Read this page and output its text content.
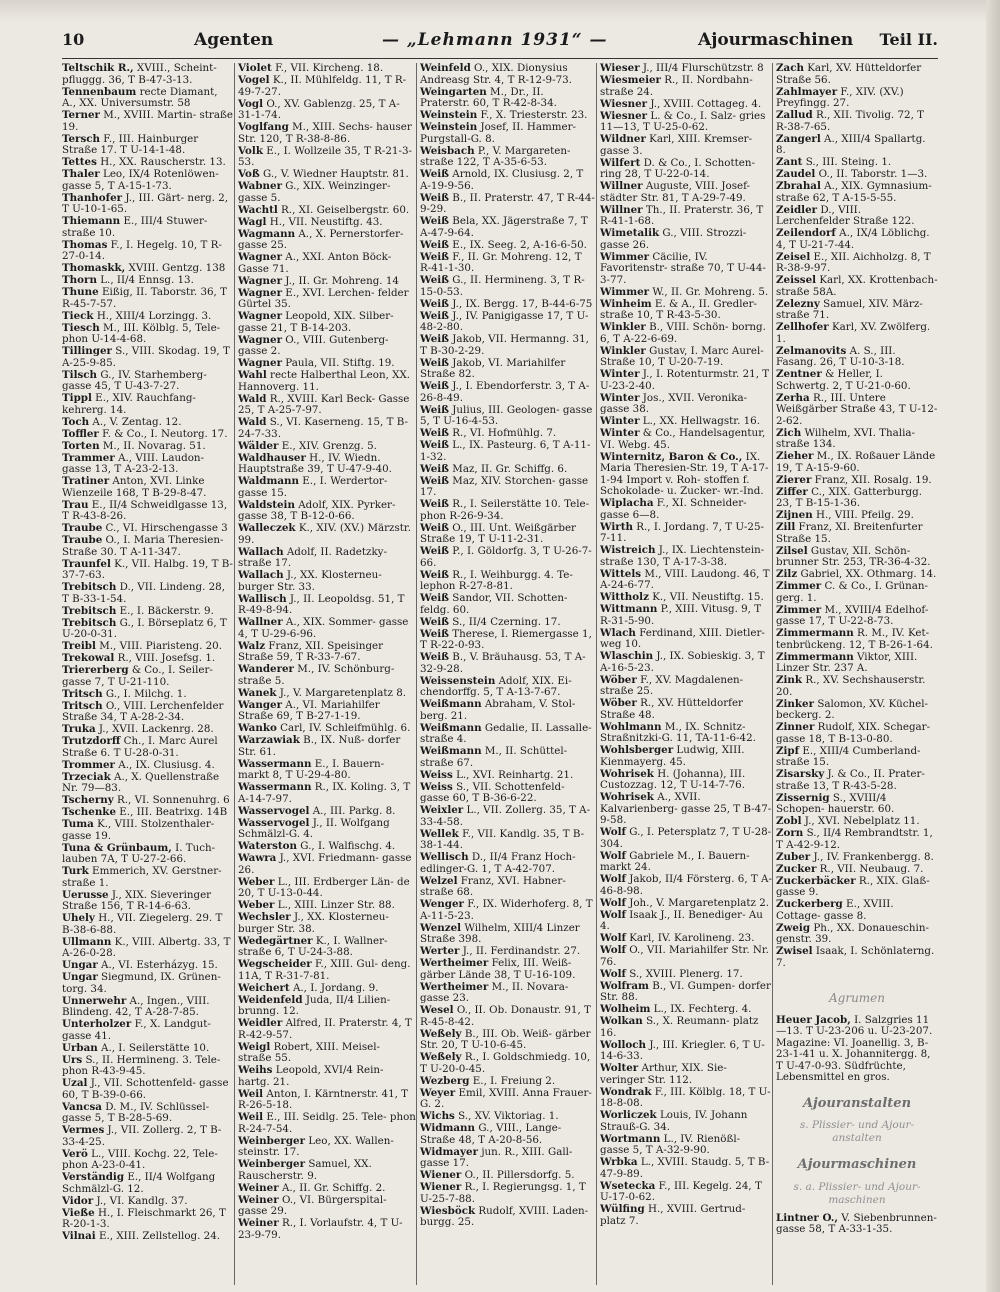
10	Agenten	— „Lehmann 1931“ —	Ajourmaschinen Teil II.
Teltschik R., XVIII., Scheint- pfluggg. 36, T B-47-3-13.
Tennenbaum recte Diamant, A., XX. Universumstr. 58
Terner M., XVIII. Martin- straße 19.
Tersch F., III. Hainburger Straße 17. T U-14-1-48.
Tettes H., XX. Rauscherstr. 13.
Thaler Leo, IX/4 Rotenlöwen- gasse 5, T A-15-1-73.
Thanhofer J., III. Gärt- nerg. 2, T U-10-1-65.
Thiemann E., III/4 Stuwer- straße 10.
Thomas F., I. Hegelg. 10, T R-27-0-14.
Thomaskk, XVIII. Gentzg. 138
Thorn L., II/4 Ennsg. 13.
Thune Eißig, II. Taborstr. 36, T R-45-7-57.
Tieck H., XIII/4 Lorzingg. 3.
Tiesch M., III. Kölblg. 5, Tele- phon U-14-4-68.
Tillinger S., VIII. Skodag. 19, T A-25-9-85.
Tilsch G., IV. Starhemberg- gasse 45, T U-43-7-27.
Tippl E., XIV. Rauchfang- kehrerg. 14.
Toch A., V. Zentag. 12.
Toffler F. & Co., I. Neutorg. 17.
Torten M., II. Novarag. 51.
Trammer A., VIII. Laudon- gasse 13, T A-23-2-13.
Tratiner Anton, XVI. Linke Wienzeile 168, T B-29-8-47.
Trau E., II/4 Schweidlgasse 13, T R-43-8-26.
Traube C., VI. Hirschengasse 3
Traube O., I. Maria Theresien- Straße 30. T A-11-347.
Traunfel K., VII. Halbg. 19, T B-37-7-63.
Trebitsch D., VII. Lindeng. 28, T B-33-1-54.
Trebitsch E., I. Bäckerstr. 9.
Trebitsch G., I. Börseplatz 6, T U-20-0-31.
Treibl M., VIII. Piaristeng. 20.
Trekowal R., VIII. Josefsg. 1.
Triererberg & Co., I. Seiler- gasse 7, T U-21-110.
Tritsch G., I. Milchg. 1.
Tritsch O., VIII. Lerchenfelder Straße 34, T A-28-2-34.
Truka J., XVII. Lackenrg. 28.
Trutzdorff Ch., I. Marc Aurel Straße 6. T U-28-0-31.
Trommer A., IX. Clusiusg. 4.
Trzeciak A., X. Quellenstraße Nr. 79—83.
Tscherny R., VI. Sonnenuhrg. 6
Tschenke E., III. Beatrixg. 14B
Tuma K., VIII. Stolzenthaler- gasse 19.
Tuna & Grünbaum, I. Tuch- lauben 7A, T U-27-2-66.
Turk Emmerich, XV. Gerstner- straße 1.
Uerusse J., XIX. Sieveringer Straße 156, T R-14-6-63.
Uhely H., VII. Ziegelerg. 29. T B-38-6-88.
Ullmann K., VIII. Albertg. 33, T A-26-0-28.
Ungar A., VI. Esterházyg. 15.
Ungar Siegmund, IX. Grünen- torg. 34.
Unnerwehr A., Ingen., VIII. Blindeng. 42, T A-28-7-85.
Unterholzer F., X. Landgut- gasse 41.
Urban A., I. Seilerstätte 10.
Urs S., II. Hermineng. 3. Tele- phon R-43-9-45.
Uzal J., VII. Schottenfeld- gasse 60, T B-39-0-66.
Vancsa D. M., IV. Schlüssel- gasse 5, T B-28-5-69.
Vermes J., VII. Zollerg. 2, T B-33-4-25.
Verö L., VIII. Kochg. 22, Tele- phon A-23-0-41.
Verständig E., II/4 Wolfgang Schmälzl-G. 12.
Vidor J., VI. Kandlg. 37.
Vieße H., I. Fleischmarkt 26, T R-20-1-3.
Vilnai E., XIII. Zellstellog. 24.
Violet F., VII. Kircheng. 18.
Vogel K., II. Mühlfeldg. 11, T R-49-7-27.
Vogl O., XV. Gablenzg. 25, T A-31-1-74.
Voglfang M., XIII. Sechs- hauser Str. 120, T R-38-8-86.
Volk E., I. Wollzeile 35, T R-21-3-53.
Voß G., V. Wiedner Hauptstr. 81.
Wabner G., XIX. Weinzinger- gasse 5.
Wachtl R., XI. Geiselbergstr. 60.
Wagl H., VII. Neustiftg. 43.
Wagmann A., X. Pernerstorfer- gasse 25.
Wagner A., XXI. Anton Böck- Gasse 71.
Wagner J., II. Gr. Mohreng. 14
Wagner E., XVI. Lerchen- felder Gürtel 35.
Wagner Leopold, XIX. Silber- gasse 21, T B-14-203.
Wagner O., VIII. Gutenberg- gasse 2.
Wagner Paula, VII. Stiftg. 19.
Wahl recte Halberthal Leon, XX. Hannoverg. 11.
Wald R., XVIII. Karl Beck- Gasse 25, T A-25-7-97.
Wald S., VI. Kaserneng. 15, T B-24-7-33.
Wälder E., XIV. Grenzg. 5.
Waldhauser H., IV. Wiedn. Hauptstraße 39, T U-47-9-40.
Waldmann E., I. Werdertor- gasse 15.
Waldstein Adolf, XIX. Pyrker- gasse 38, T B-12-0-66.
Walleczek K., XIV. (XV.) Märzstr. 99.
Wallach Adolf, II. Radetzky- straße 17.
Wallach J., XX. Klosterneu- burger Str. 33.
Wallisch J., II. Leopoldsg. 51, T R-49-8-94.
Wallner A., XIX. Sommer- gasse 4, T U-29-6-96.
Walz Franz, XII. Speisinger Straße 59, T R-33-7-67.
Wanderer M., IV. Schönburg- straße 5.
Wanek J., V. Margaretenplatz 8.
Wanger A., VI. Mariahilfer Straße 69, T B-27-1-19.
Wanko Carl, IV. Schleifmühlg. 6.
Warzawiak B., IX. Nuß- dorfer Str. 61.
Wassermann E., I. Bauern- markt 8, T U-29-4-80.
Wassermann R., IX. Koling. 3, T A-14-7-97.
Wasservogel A., III. Parkg. 8.
Wasservogel J., II. Wolfgang Schmälzl-G. 4.
Waterston G., I. Walfischg. 4.
Wawra J., XVI. Friedmann- gasse 26.
Weber L., III. Erdberger Län- de 20, T U-13-0-44.
Weber L., XIII. Linzer Str. 88.
Wechsler J., XX. Klosterneu- burger Str. 38.
Wedegärtner K., I. Wallner- straße 6, T U-24-3-88.
Wegscheider F., XIII. Gul- deng. 11A, T R-31-7-81.
Weichert A., I. Jordang. 9.
Weidenfeld Juda, II/4 Lilien- brunng. 12.
Weidler Alfred, II. Praterstr. 4, T R-42-9-57.
Weigl Robert, XIII. Meisel- straße 55.
Weihs Leopold, XVI/4 Rein- hartg. 21.
Weil Anton, I. Kärntnerstr. 41, T R-26-5-18.
Weil E., III. Seidlg. 25. Tele- phon R-24-7-54.
Weinberger Leo, XX. Wallen- steinstr. 17.
Weinberger Samuel, XX. Rauscherstr. 9.
Weiner A., II. Gr. Schiffg. 2.
Weiner O., VI. Bürgerspital- gasse 29.
Weiner R., I. Vorlaufstr. 4, T U-23-9-79.
Weinfeld O., XIX. Dionysius Andreasg Str. 4, T R-12-9-73.
Weingarten M., Dr., II. Praterstr. 60, T R-42-8-34.
Weinstein F., X. Triesterstr. 23.
Weinstein Josef, II. Hammer- Purgstall-G. 8.
Weisbach P., V. Margareten- straße 122, T A-35-6-53.
Weiß Arnold, IX. Clusiusg. 2, T A-19-9-56.
Weiß B., II. Praterstr. 47, T R-44-9-29.
Weiß Bela, XX. Jägerstraße 7, T A-47-9-64.
Weiß E., IX. Seeg. 2, A-16-6-50.
Weiß F., II. Gr. Mohreng. 12, T R-41-1-30.
Weiß G., II. Hermineng. 3, T R-15-0-53.
Weiß J., IX. Bergg. 17, B-44-6-75
Weiß J., IV. Panigigasse 17, T U-48-2-80.
Weiß Jakob, VII. Hermanng. 31, T B-30-2-29.
Weiß Jakob, VI. Mariahilfer Straße 82.
Weiß J., I. Ebendorferstr. 3, T A-26-8-49.
Weiß Julius, III. Geologen- gasse 5, T U-16-4-53.
Weiß R., VI. Hofmühlg. 7.
Weiß L., IX. Pasteurg. 6, T A-11-1-32.
Weiß Maz, II. Gr. Schiffg. 6.
Weiß Maz, XIV. Storchen- gasse 17.
Weiß R., I. Seilerstätte 10. Tele- phon R-26-9-34.
Weiß O., III. Unt. Weißgärber Straße 19, T U-11-2-31.
Weiß P., I. Göldorfg. 3, T U-26-7-66.
Weiß R., I. Weihburgg. 4. Te- lephon R-27-8-81.
Weiß Sandor, VII. Schotten- feldg. 60.
Weiß S., II/4 Czerning. 17.
Weiß Therese, I. Riemergasse 1, T R-22-0-93.
Weiß B., V. Bräuhausg. 53, T A-32-9-28.
Weissenstein Adolf, XIX. Ei- chendorffg. 5, T A-13-7-67.
Weißmann Abraham, V. Stol- berg. 21.
Weißmann Gedalie, II. Lassalle- straße 4.
Weißmann M., II. Schüttel- straße 67.
Weiss L., XVI. Reinhartg. 21.
Weiss S., VII. Schottenfeld- gasse 60, T B-36-6-22.
Weixler L., VII. Zollerg. 35, T A-33-4-58.
Wellek F., VII. Kandlg. 35, T B-38-1-44.
Wellisch D., II/4 Franz Hoch- edlinger-G. 1, T A-42-707.
Welzel Franz, XVI. Habner- straße 68.
Wenger F., IX. Widerhoferg. 8, T A-11-5-23.
Wenzel Wilhelm, XIII/4 Linzer Straße 398.
Werter J., II. Ferdinandstr. 27.
Wertheimer Felix, III. Weiß- gärber Lände 38, T U-16-109.
Wertheimer M., II. Novara- gasse 23.
Wesel O., II. Ob. Donaustr. 91, T R-45-8-42.
Weßely B., III. Ob. Weiß- gärber Str. 20, T U-10-6-45.
Weßely R., I. Goldschmiedg. 10, T U-20-0-45.
Wezberg E., I. Freiung 2.
Weyer Emil, XVIII. Anna Frauer-G. 2.
Wichs S., XV. Viktoriag. 1.
Widmann G., VIII., Lange- Straße 48, T A-20-8-56.
Widmayer jun. R., XIII. Gall- gasse 17.
Wiener O., II. Pillersdorfg. 5.
Wiener R., I. Regierungsg. 1, T U-25-7-88.
Wiesböck Rudolf, XVIII. Laden- burgg. 25.
Wieser J., III/4 Flurschützstr. 8
Wiesmeier R., II. Nordbahn- straße 24.
Wiesner J., XVIII. Cottageg. 4.
Wiesner L. & Co., I. Salz- gries 11—13, T U-25-0-62.
Wildner Karl, XIII. Kremser- gasse 3.
Wilfert D. & Co., I. Schotten- ring 28, T U-22-0-14.
Willner Auguste, VIII. Josef- städter Str. 81, T A-29-7-49.
Willner Th., II. Praterstr. 36, T R-41-1-68.
Wimetalik G., VIII. Strozzi- gasse 26.
Wimmer Cäcilie, IV. Favoritenstr- straße 70, T U-44-3-77.
Wimmer W., II. Gr. Mohreng. 5.
Winheim E. & A., II. Gredler- straße 10, T R-43-5-30.
Winkler B., VIII. Schön- borng. 6, T A-22-6-69.
Winkler Gustav, I. Marc Aurel- Straße 10, T U-20-7-19.
Winter J., I. Rotenturmstr. 21, T U-23-2-40.
Winter Jos., XVII. Veronika- gasse 38.
Winter L., XX. Hellwagstr. 16.
Winter & Co., Handelsagentur, VI. Webg. 45.
Winternitz, Baron & Co., IX. Maria Theresien-Str. 19, T A-17-1-94 Import v. Roh- stoffen f. Schokolade- u. Zucker- wr.-Ind.
Wiplacha F., XI. Schneider- gasse 6—8.
Wirth R., I. Jordang. 7, T U-25-7-11.
Wistreich J., IX. Liechtenstein- straße 130, T A-17-3-38.
Wittels M., VIII. Laudong. 46, T A-24-6-77.
Wittholz K., VII. Neustiftg. 15.
Wittmann P., XIII. Vitusg. 9, T R-31-5-90.
Wlach Ferdinand, XIII. Dietler- weg 10.
Wlaschin J., IX. Sobieskig. 3, T A-16-5-23.
Wöber F., XV. Magdalenen- straße 25.
Wöber R., XV. Hütteldorfer Straße 48.
Wohlmann M., IX. Schnitz- Straßnitzki-G. 11, TA-11-6-42.
Wohlsberger Ludwig, XIII. Kienmayerg. 45.
Wohrisek H. (Johanna), III. Custozzag. 12, T U-14-7-76.
Wohrisek A., XVII. Kalvarienberg- gasse 25, T B-47-9-58.
Wolf G., I. Petersplatz 7, T U-28-304.
Wolf Gabriele M., I. Bauern- markt 24.
Wolf Jakob, II/4 Försterg. 6, T A-46-8-98.
Wolf Joh., V. Margaretenplatz 2.
Wolf Isaak J., II. Benediger- Au 4.
Wolf Karl, IV. Karolineng. 23.
Wolf O., VII. Mariahilfer Str. Nr. 76.
Wolf S., XVIII. Plenerg. 17.
Wolfram B., VI. Gumpen- dorfer Str. 88.
Wolheim L., IX. Fechterg. 4.
Wolkan S., X. Reumann- platz 16.
Wolloch J., III. Kriegler. 6, T U-14-6-33.
Wolter Arthur, XIX. Sie- veringer Str. 112.
Wondrak F., III. Kölblg. 18, T U-18-8-08.
Worliczek Louis, IV. Johann Strauß-G. 34.
Wortmann L., IV. Rienößl- gasse 5, T A-32-9-90.
Wrbka L., XVIII. Staudg. 5, T B-47-9-89.
Wsetecka F., III. Kegelg. 24, T U-17-0-62.
Wülfing H., XVIII. Gertrud- platz 7.
Zach Karl, XV. Hütteldorfer Straße 56.
Zahlmayer F., XIV. (XV.) Preyfingg. 27.
Zallud R., XII. Tivolig. 72, T R-38-7-65.
Zangerl A., XIII/4 Spallartg. 8.
Zant S., III. Steing. 1.
Zaudel O., II. Taborstr. 1—3.
Zbrahal A., XIX. Gymnasium- straße 62, T A-15-5-55.
Zeidler D., VIII. Lerchenfelder Straße 122.
Zeilendorf A., IX/4 Löblichg. 4, T U-21-7-44.
Zeisel E., XII. Aichholzg. 8, T R-38-9-97.
Zeissel Karl, XX. Krottenbach- straße 58A.
Zelezny Samuel, XIV. März- straße 71.
Zellhofer Karl, XV. Zwölferg. 1.
Zelmanovits A. S., III. Fasang. 26, T U-10-3-18.
Zentner & Heller, I. Schwertg. 2, T U-21-0-60.
Zerha R., III. Untere Weißgärber Straße 43, T U-12-2-62.
Zich Wilhelm, XVI. Thalia- straße 134.
Zieher M., IX. Roßauer Lände 19, T A-15-9-60.
Zierer Franz, XII. Rosalg. 19.
Ziffer C., XIX. Gatterburgg. 23, T B-15-1-36.
Zijnen H., VIII. Pfeilg. 29.
Zill Franz, XI. Breitenfurter Straße 15.
Zilsel Gustav, XII. Schön- brunner Str. 253, TR-36-4-32.
Zilz Gabriel, XX. Othmarg. 14.
Zimmer C. & Co., I. Grünan- gerg. 1.
Zimmer M., XVIII/4 Edelhof- gasse 17, T U-22-8-73.
Zimmermann R. M., IV. Ket- tenbrückeng. 12, T B-26-1-64.
Zimmermann Viktor, XIII. Linzer Str. 237 A.
Zink R., XV. Sechshauserstr. 20.
Zinker Salomon, XV. Küchel- beckerg. 2.
Zinner Rudolf, XIX. Schegar- gasse 18, T B-13-0-80.
Zipf E., XIII/4 Cumberland- straße 15.
Zisarsky J. & Co., II. Prater- straße 13, T R-43-5-28.
Zissernig S., XVIII/4 Schopen- hauerstr. 60.
Zobl J., XVI. Nebelplatz 11.
Zorn S., II/4 Rembrandtstr. 1, T A-42-9-12.
Zuber J., IV. Frankenbergg. 8.
Zucker R., VII. Neubaug. 7.
Zuckerbäcker R., XIX. Glaß- gasse 9.
Zuckerberg E., XVIII. Cottage- gasse 8.
Zweig Ph., XX. Donaueschin- genstr. 39.
Zwisel Isaak, I. Schönlaterng. 7.
Agrumen
Heuer Jacob, I. Salzgries 11 —13. T U-23-206 u. U-23-207. Magazine: VI. Joanellig. 3, B-23-1-41 u. X. Johannitergg. 8, T U-47-0-93. Südfrüchte, Lebensmittel en gros.
Ajouranstalten
s. Plissier- und Ajour- anstalten
Ajourmaschinen
s. a. Plissier- und Ajour- maschinen
Lintner O., V. Siebenbrunnen- gasse 58, T A-33-1-35.
